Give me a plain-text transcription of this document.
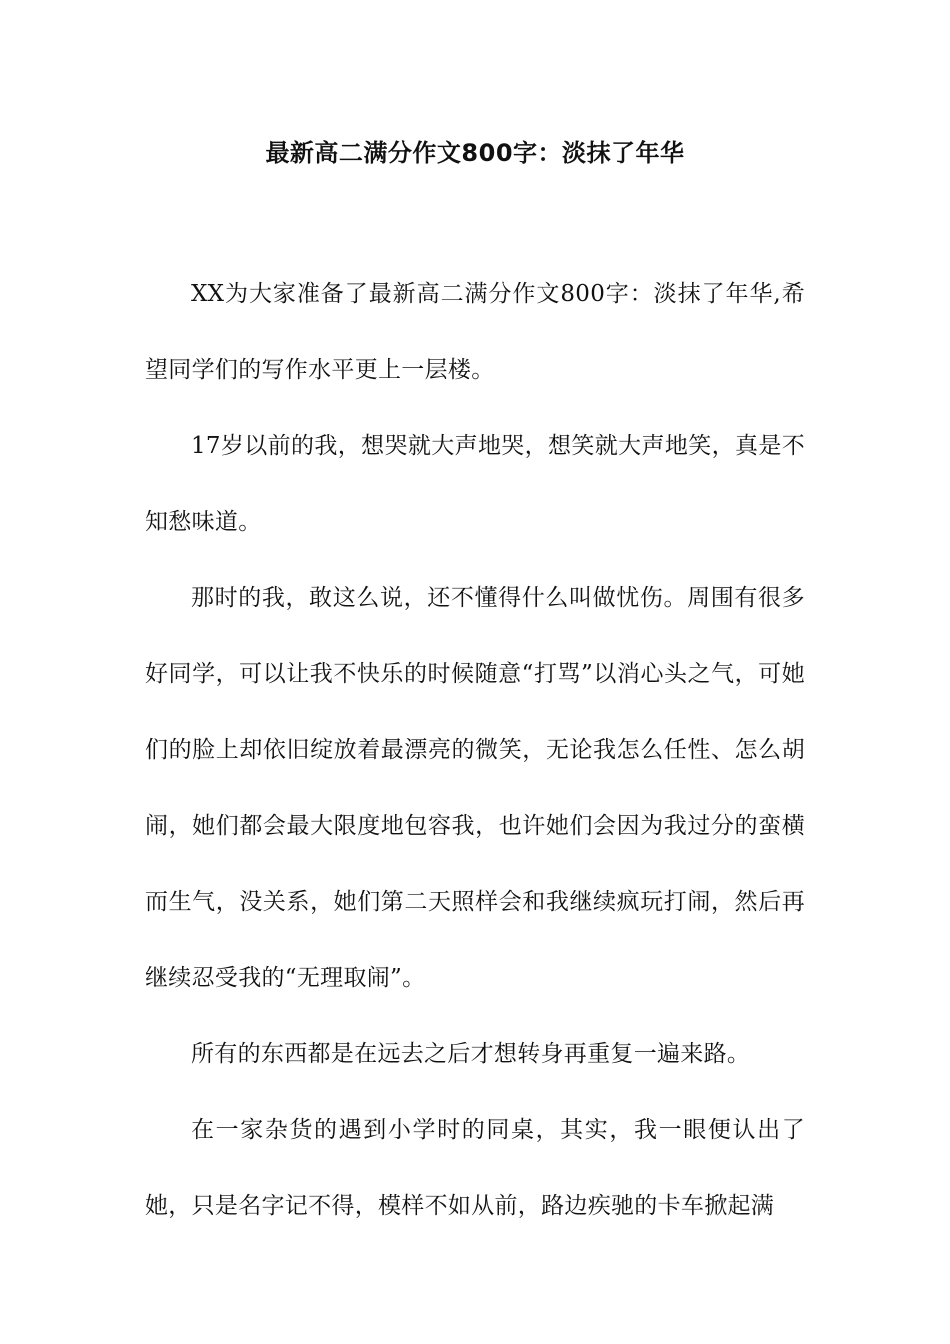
最新高二满分作文800字：淡抹了年华

XX为大家准备了最新高二满分作文800字：淡抹了年华,希望同学们的写作水平更上一层楼。

17岁以前的我，想哭就大声地哭，想笑就大声地笑，真是不知愁味道。

那时的我，敢这么说，还不懂得什么叫做忧伤。周围有很多好同学，可以让我不快乐的时候随意“打骂”以消心头之气，可她们的脸上却依旧绽放着最漂亮的微笑，无论我怎么任性、怎么胡闹，她们都会最大限度地包容我，也许她们会因为我过分的蛮横而生气，没关系，她们第二天照样会和我继续疯玩打闹，然后再继续忍受我的“无理取闹”。

所有的东西都是在远去之后才想转身再重复一遍来路。

在一家杂货的遇到小学时的同桌，其实，我一眼便认出了她，只是名字记不得，模样不如从前，路边疾驰的卡车掀起满
